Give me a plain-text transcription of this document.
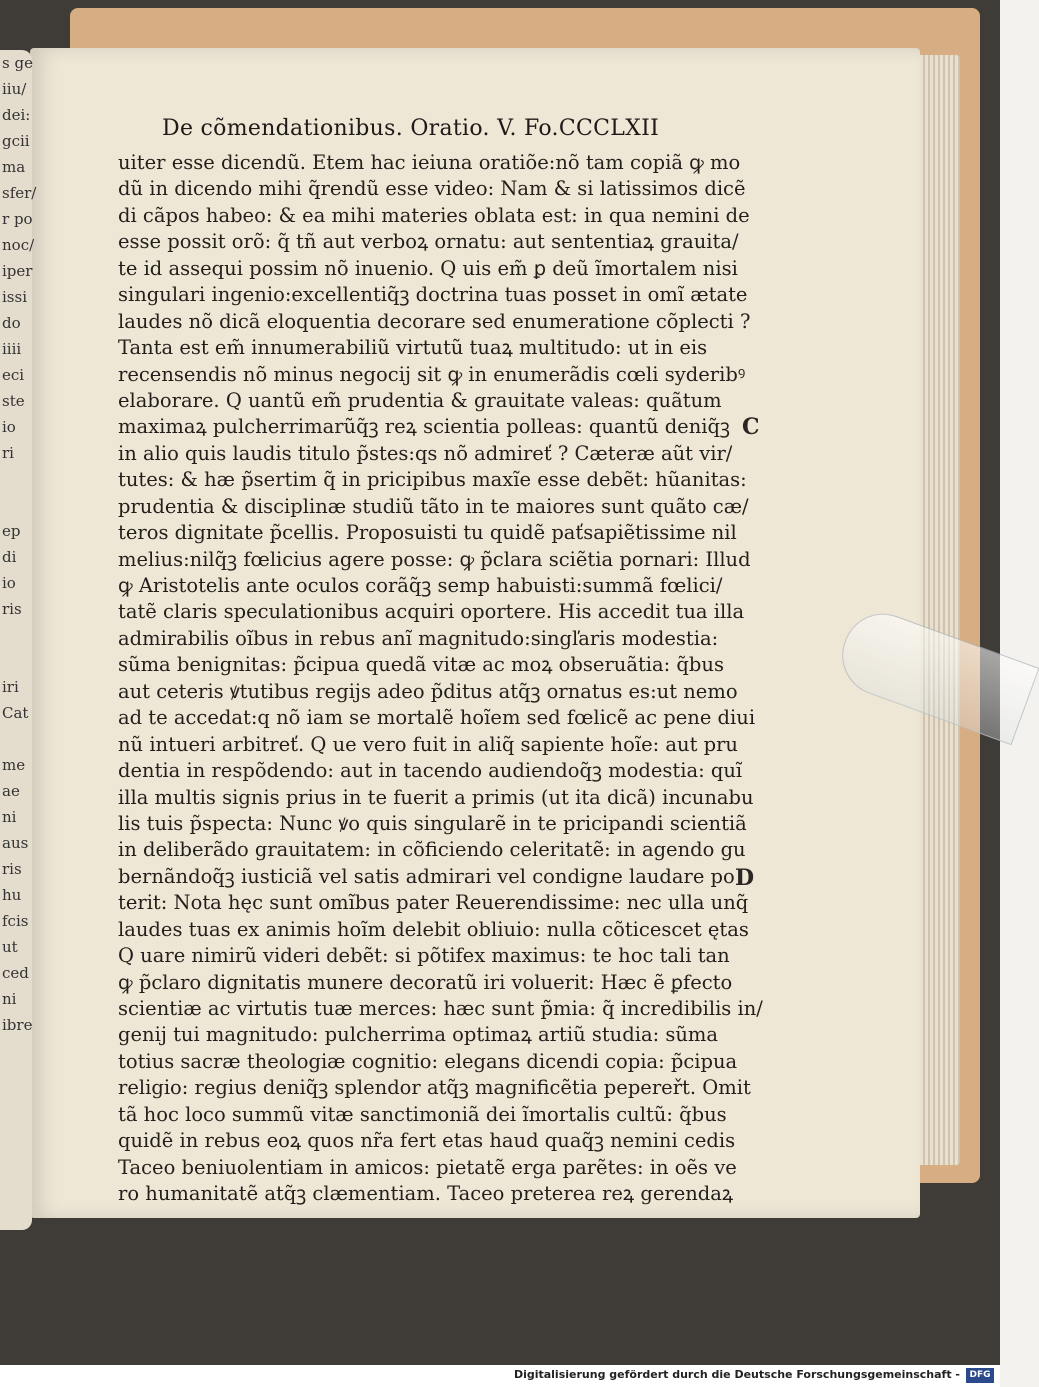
s ge
iiu/
dei:
gcii
ma
sfer/
r po
noc/
iper
issi
do
iiii
eci
ste
io
ri
ep
di
io
ris
iri
Cat
me
ae
ni
aus
ris
hu
fcis
ut
ced
ni
ibre
De cõmendationibus. Oratio. V. Fo.CCCLXII
uiter esse dicendũ. Etem hac ieiuna oratiõe:nõ tam copiã ꝙ mo
dũ in dicendo mihi q̃rendũ esse video: Nam & si latissimos dicẽ
di cãpos habeo: & ea mihi materies oblata est: in qua nemini de
esse possit orõ: q̃ tñ aut verboꝝ ornatu: aut sententiaꝝ grauita/
te id assequi possim nõ inuenio. Q uis em̃ ꝑ deũ ĩmortalem nisi
singulari ingenio:excellentiq̃ꝫ doctrina tuas posset in omĩ ætate
laudes nõ dicã eloquentia decorare sed enumeratione cõplecti ?
Tanta est em̃ innumerabiliũ virtutũ tuaꝝ multitudo: ut in eis
recensendis nõ minus negocij sit ꝙ in enumerãdis cœli syderibꝰ
elaborare. Q uantũ em̃ prudentia & grauitate valeas: quãtum
maximaꝝ pulcherrimarũq̃ꝫ reꝝ scientia polleas: quantũ deniq̃ꝫ
in alio quis laudis titulo p̃stes:qs nõ admireť ? Cæteræ aũt vir/
tutes: & hæ p̃sertim q̃ in pricipibus maxĩe esse debẽt: hũanitas:
prudentia & disciplinæ studiũ tãto in te maiores sunt quãto cæ/
teros dignitate p̃cellis. Proposuisti tu quidẽ paťsapiẽtissime nil
melius:nilq̃ꝫ fœlicius agere posse: ꝙ p̃clara sciẽtia pornari: Illud
ꝙ Aristotelis ante oculos corãq̃ꝫ semp habuisti:summã fœlici/
tatẽ claris speculationibus acquiri oportere. His accedit tua illa
admirabilis oĩbus in rebus anĩ magnitudo:singľaris modestia:
sũma benignitas: p̃cipua quedã vitæ ac moꝝ obseruãtia: q̃bus
aut ceteris ꝟtutibus regijs adeo p̃ditus atq̃ꝫ ornatus es:ut nemo
ad te accedat:q nõ iam se mortalẽ hoĩem sed fœlicẽ ac pene diui
nũ intueri arbitreť. Q ue vero fuit in aliq̃ sapiente hoĩe: aut pru
dentia in respõdendo: aut in tacendo audiendoq̃ꝫ modestia: quĩ
illa multis signis prius in te fuerit a primis (ut ita dicã) incunabu
lis tuis p̃specta: Nunc ꝟo quis singularẽ in te pricipandi scientiã
in deliberãdo grauitatem: in cõficiendo celeritatẽ: in agendo gu
bernãndoq̃ꝫ iusticiã vel satis admirari vel condigne laudare po
terit: Nota hęc sunt omĩbus pater Reuerendissime: nec ulla unq̃
laudes tuas ex animis hoĩm delebit obliuio: nulla cõticescet ętas
Q uare nimirũ videri debẽt: si põtifex maximus: te hoc tali tan
ꝙ p̃claro dignitatis munere decoratũ iri voluerit: Hæc ẽ ꝑfecto
scientiæ ac virtutis tuæ merces: hæc sunt p̃mia: q̃ incredibilis in/
genij tui magnitudo: pulcherrima optimaꝝ artiũ studia: sũma
totius sacræ theologiæ cognitio: elegans dicendi copia: p̃cipua
religio: regius deniq̃ꝫ splendor atq̃ꝫ magnificẽtia pepereřt. Omit
tã hoc loco summũ vitæ sanctimoniã dei ĩmortalis cultũ: q̃bus
quidẽ in rebus eoꝝ quos nr̃a fert etas haud quaq̃ꝫ nemini cedis
Taceo beniuolentiam in amicos: pietatẽ erga parẽtes: in oẽs ve
ro humanitatẽ atq̃ꝫ clæmentiam. Taceo preterea reꝝ gerendaꝝ
C
D
Digitalisierung gefördert durch die Deutsche Forschungsgemeinschaft -	DFG
